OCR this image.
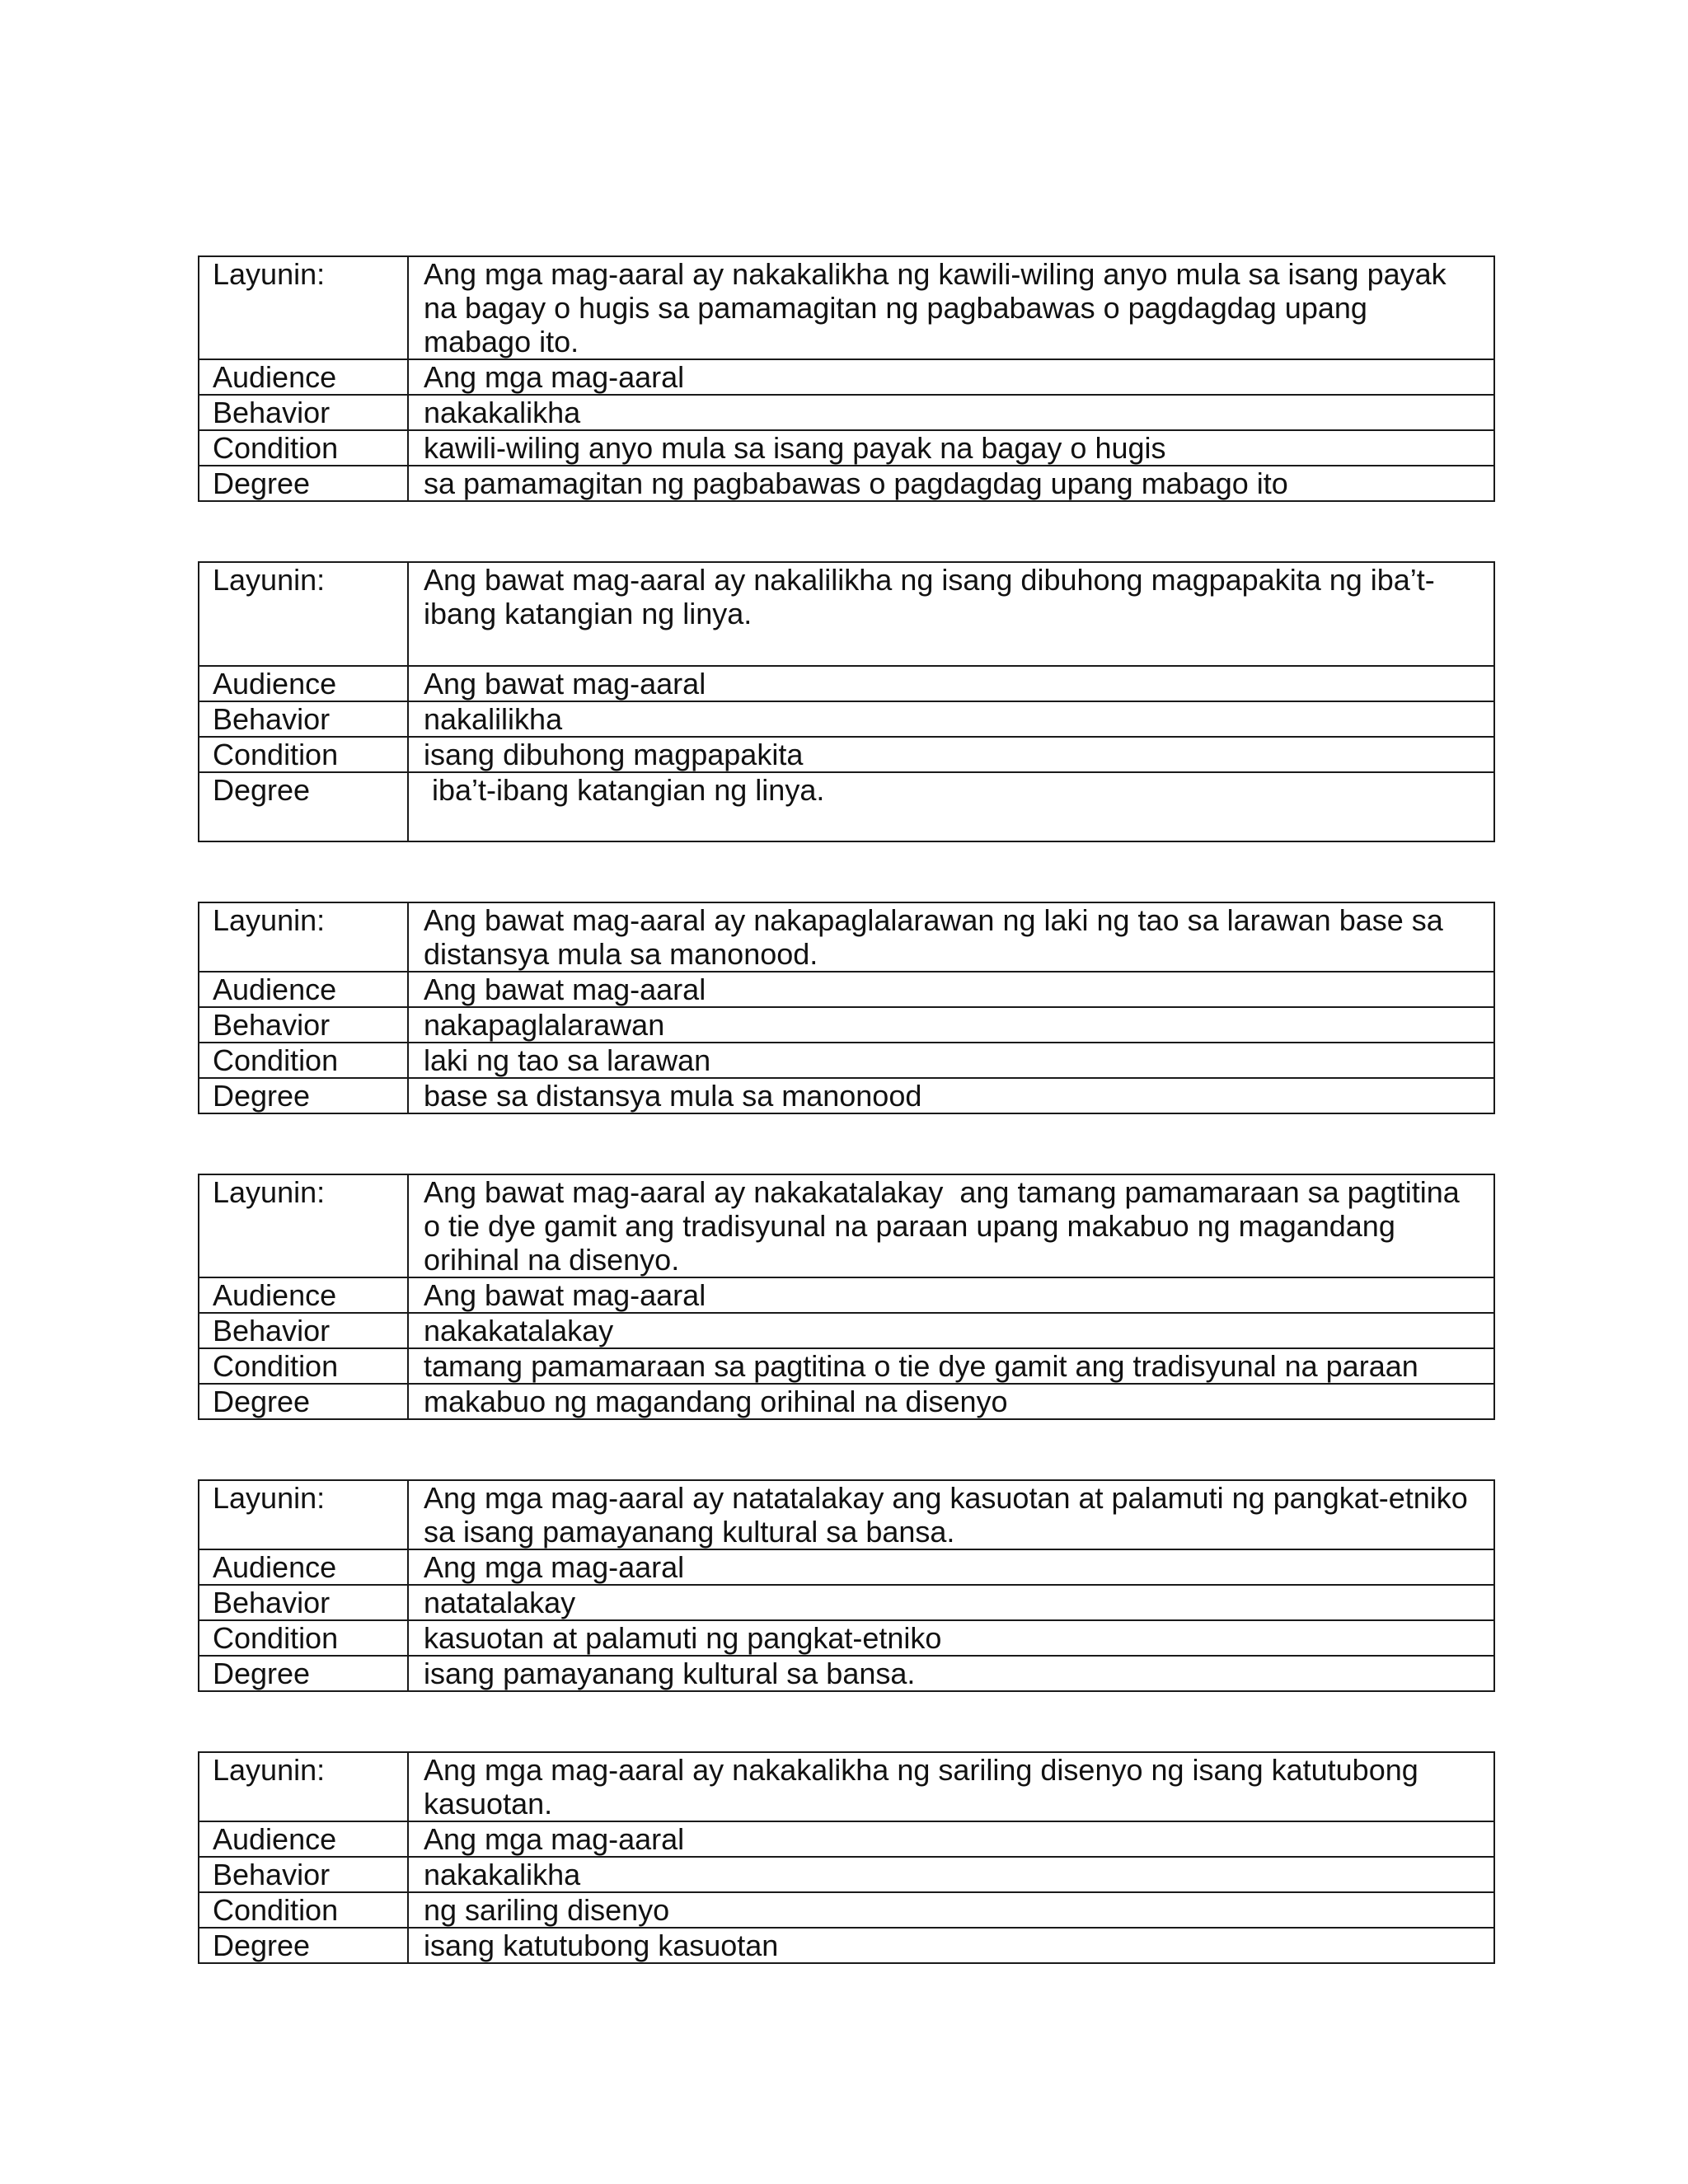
Layunin:	Ang mga mag-aaral ay nakakalikha ng kawili-wiling anyo mula sa isang payak na bagay o hugis sa pamamagitan ng pagbabawas o pagdagdag upang mabago ito.
Audience	Ang mga mag-aaral
Behavior	nakakalikha
Condition	kawili-wiling anyo mula sa isang payak na bagay o hugis
Degree	sa pamamagitan ng pagbabawas o pagdagdag upang mabago ito
Layunin:	Ang bawat mag-aaral ay nakalilikha ng isang dibuhong magpapakita ng iba’t-ibang katangian ng linya.
Audience	Ang bawat mag-aaral
Behavior	nakalilikha
Condition	isang dibuhong magpapakita
Degree	iba’t-ibang katangian ng linya.
Layunin:	Ang bawat mag-aaral ay nakapaglalarawan ng laki ng tao sa larawan base sa distansya mula sa manonood.
Audience	Ang bawat mag-aaral
Behavior	nakapaglalarawan
Condition	laki ng tao sa larawan
Degree	base sa distansya mula sa manonood
Layunin:	Ang bawat mag-aaral ay nakakatalakay  ang tamang pamamaraan sa pagtitina o tie dye gamit ang tradisyunal na paraan upang makabuo ng magandang orihinal na disenyo.
Audience	Ang bawat mag-aaral
Behavior	nakakatalakay
Condition	tamang pamamaraan sa pagtitina o tie dye gamit ang tradisyunal na paraan
Degree	makabuo ng magandang orihinal na disenyo
Layunin:	Ang mga mag-aaral ay natatalakay ang kasuotan at palamuti ng pangkat-etniko sa isang pamayanang kultural sa bansa.
Audience	Ang mga mag-aaral
Behavior	natatalakay
Condition	kasuotan at palamuti ng pangkat-etniko
Degree	isang pamayanang kultural sa bansa.
Layunin:	Ang mga mag-aaral ay nakakalikha ng sariling disenyo ng isang katutubong kasuotan.
Audience	Ang mga mag-aaral
Behavior	nakakalikha
Condition	ng sariling disenyo
Degree	isang katutubong kasuotan
